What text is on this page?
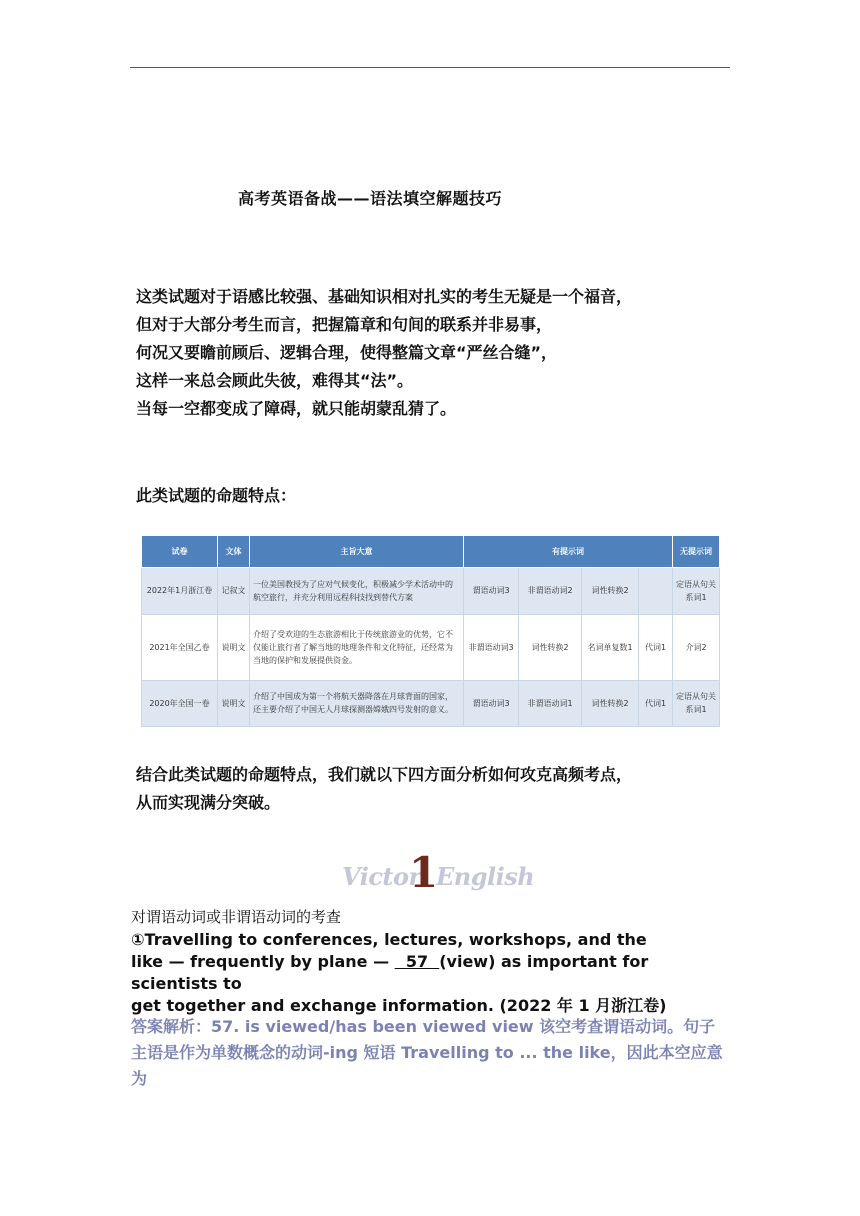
高考英语备战——语法填空解题技巧
这类试题对于语感比较强、基础知识相对扎实的考生无疑是一个福音，
但对于大部分考生而言，把握篇章和句间的联系并非易事，
何况又要瞻前顾后、逻辑合理，使得整篇文章“严丝合缝”，
这样一来总会顾此失彼，难得其“法”。
当每一空都变成了障碍，就只能胡蒙乱猜了。
此类试题的命题特点：
试卷	文体	主旨大意	有提示词				无提示词
2022年1月浙江卷	记叙文	一位美国教授为了应对气候变化，积极减少学术活动中的航空旅行，并充分利用远程科技找到替代方案	谓语动词3	非谓语动词2	词性转换2		定语从句关系词1
2021年全国乙卷	说明文	介绍了受欢迎的生态旅游相比于传统旅游业的优势，它不仅能让旅行者了解当地的地理条件和文化特征，还经常为当地的保护和发展提供资金。	非谓语动词3	词性转换2	名词单复数1	代词1	介词2
2020年全国一卷	说明文	介绍了中国成为第一个将航天器降落在月球背面的国家，还主要介绍了中国无人月球探测器嫦娥四号发射的意义。	谓语动词3	非谓语动词1	词性转换2	代词1	定语从句关系词1
结合此类试题的命题特点，我们就以下四方面分析如何攻克高频考点，
从而实现满分突破。
Victor
1
English
对谓语动词或非谓语动词的考查
①Travelling to conferences, lectures, workshops, and the
like — frequently by plane —   57  (view) as important for scientists to
get together and exchange information. (2022 年 1 月浙江卷)
答案解析：57. is viewed/has been viewed view 该空考查谓语动词。句子主语是作为单数概念的动词-ing 短语 Travelling to ... the like，因此本空应意为
